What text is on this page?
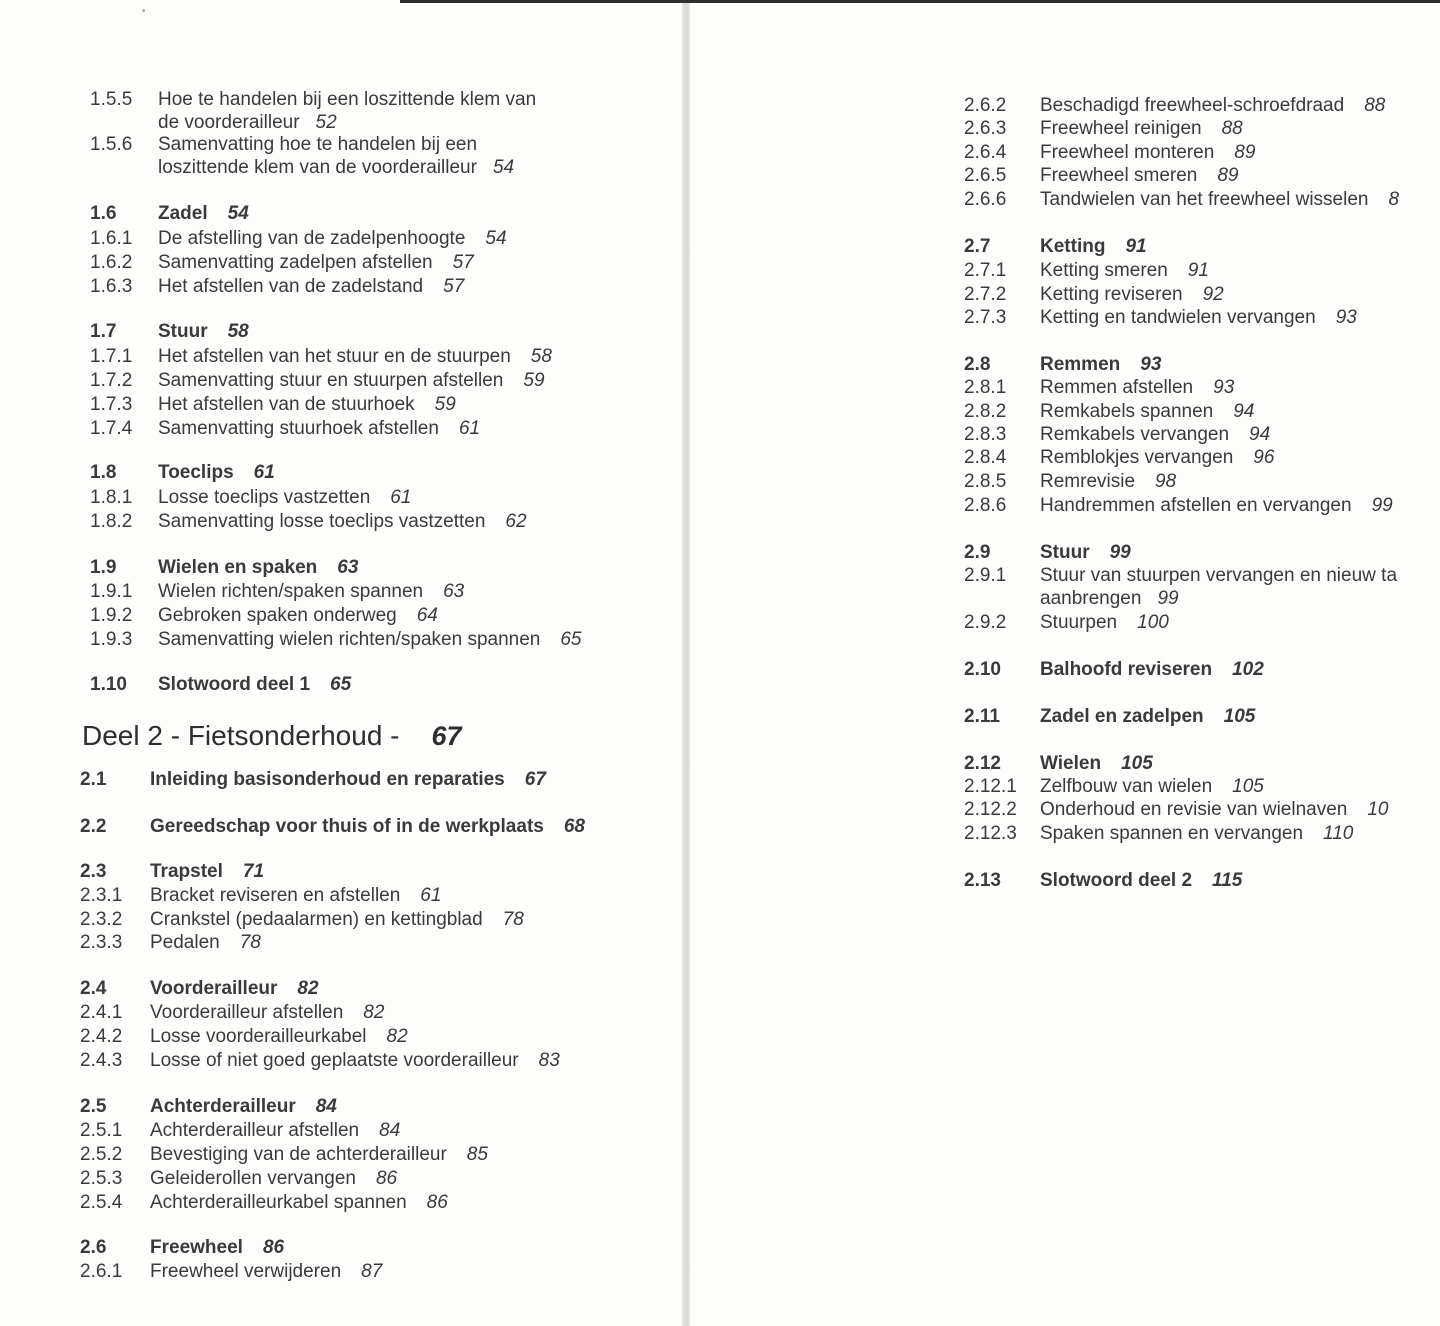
•
1.5.5 Hoe te handelen bij een loszittende klem van
de voorderailleur 52
1.5.6 Samenvatting hoe te handelen bij een
loszittende klem van de voorderailleur 54
1.6 Zadel 54
1.6.1 De afstelling van de zadelpenhoogte 54
1.6.2 Samenvatting zadelpen afstellen 57
1.6.3 Het afstellen van de zadelstand 57
1.7 Stuur 58
1.7.1 Het afstellen van het stuur en de stuurpen 58
1.7.2 Samenvatting stuur en stuurpen afstellen 59
1.7.3 Het afstellen van de stuurhoek 59
1.7.4 Samenvatting stuurhoek afstellen 61
1.8 Toeclips 61
1.8.1 Losse toeclips vastzetten 61
1.8.2 Samenvatting losse toeclips vastzetten 62
1.9 Wielen en spaken 63
1.9.1 Wielen richten/spaken spannen 63
1.9.2 Gebroken spaken onderweg 64
1.9.3 Samenvatting wielen richten/spaken spannen 65
1.10 Slotwoord deel 1 65
Deel 2 - Fietsonderhoud - 67
2.1 Inleiding basisonderhoud en reparaties 67
2.2 Gereedschap voor thuis of in de werkplaats 68
2.3 Trapstel 71
2.3.1 Bracket reviseren en afstellen 61
2.3.2 Crankstel (pedaalarmen) en kettingblad 78
2.3.3 Pedalen 78
2.4 Voorderailleur 82
2.4.1 Voorderailleur afstellen 82
2.4.2 Losse voorderailleurkabel 82
2.4.3 Losse of niet goed geplaatste voorderailleur 83
2.5 Achterderailleur 84
2.5.1 Achterderailleur afstellen 84
2.5.2 Bevestiging van de achterderailleur 85
2.5.3 Geleiderollen vervangen 86
2.5.4 Achterderailleurkabel spannen 86
2.6 Freewheel 86
2.6.1 Freewheel verwijderen 87
2.6.2 Beschadigd freewheel-schroefdraad 88
2.6.3 Freewheel reinigen 88
2.6.4 Freewheel monteren 89
2.6.5 Freewheel smeren 89
2.6.6 Tandwielen van het freewheel wisselen 8
2.7	Ketting 91
2.7.1 Ketting smeren 91
2.7.2 Ketting reviseren 92
2.7.3 Ketting en tandwielen vervangen 93
2.8	Remmen 93
2.8.1 Remmen afstellen 93
2.8.2 Remkabels spannen 94
2.8.3 Remkabels vervangen 94
2.8.4 Remblokjes vervangen 96
2.8.5 Remrevisie 98
2.8.6 Handremmen afstellen en vervangen 99
2.9	Stuur 99
2.9.1 Stuur van stuurpen vervangen en nieuw ta
aanbrengen 99
2.9.2 Stuurpen 100
2.10 Balhoofd reviseren 102
2.11 Zadel en zadelpen 105
2.12 Wielen 105
2.12.1 Zelfbouw van wielen 105
2.12.2 Onderhoud en revisie van wielnaven 10
2.12.3 Spaken spannen en vervangen 110
2.13 Slotwoord deel 2 115
